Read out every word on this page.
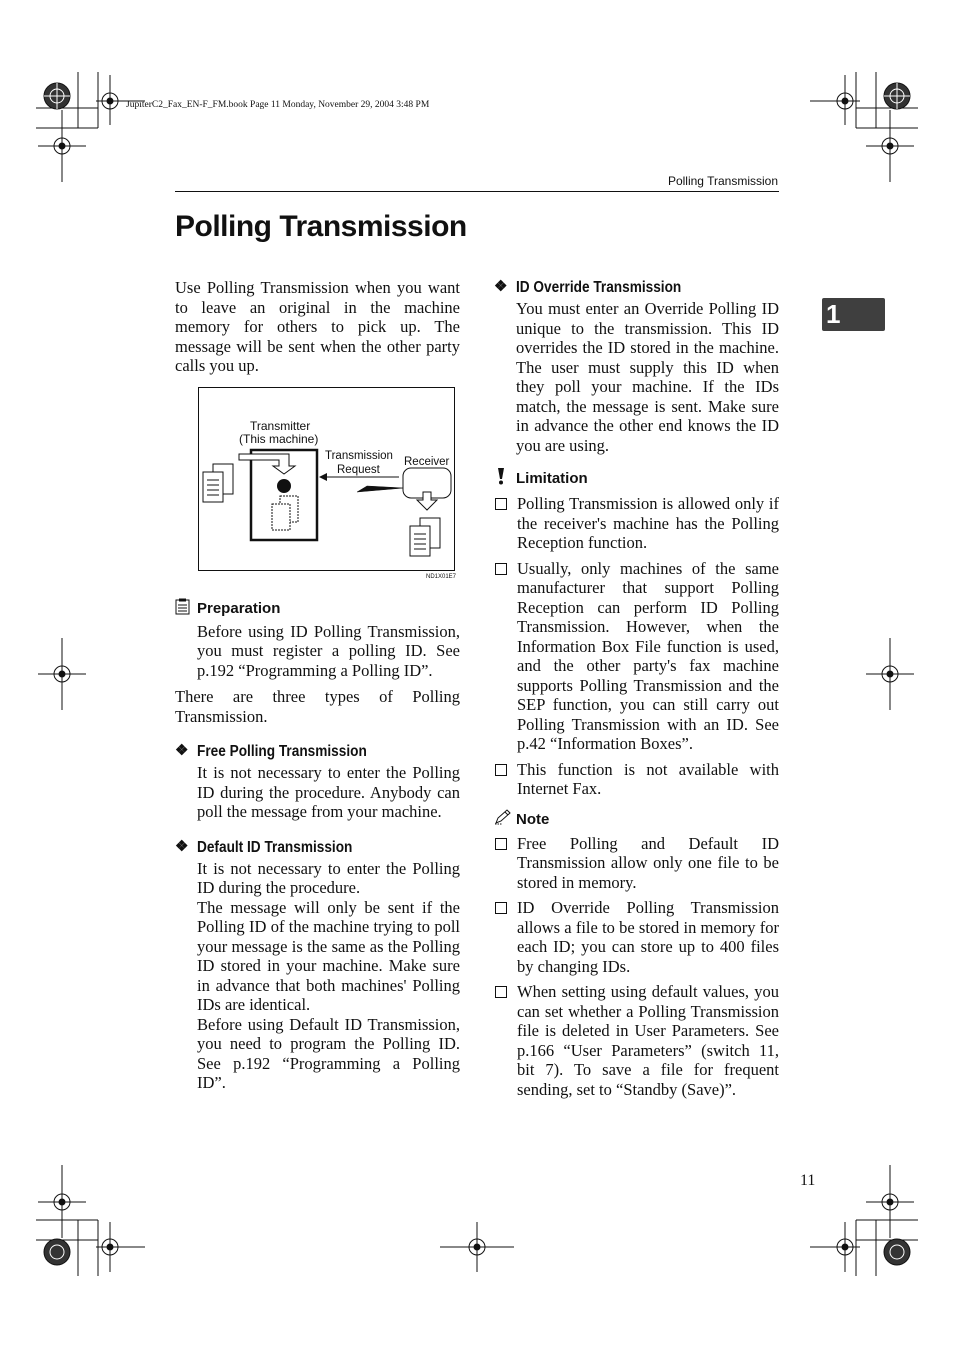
JupiterC2_Fax_EN-F_FM.book Page 11 Monday, November 29, 2004 3:48 PM
Polling Transmission
1
Polling Transmission
Transmitter
(This machine)
Transmission
Request
Receiver
ND1X01E7

Use Polling Transmission when you want to leave an original in the machine memory for others to pick up. The message will be sent when the other party calls you up.

Preparation

Before using ID Polling Transmission, you must register a polling ID. See p.192 “Programming a Polling ID”.

There are three types of Polling Transmission.

❖ Free Polling Transmission

It is not necessary to enter the Polling ID during the procedure. Anybody can poll the message from your machine.

❖ Default ID Transmission

It is not necessary to enter the Polling ID during the procedure.

The message will only be sent if the Polling ID of the machine trying to poll your message is the same as the Polling ID stored in your machine. Make sure in advance that both machines' Polling IDs are identical.

Before using Default ID Transmission, you need to program the Polling ID. See p.192 “Programming a Polling ID”.

❖ ID Override Transmission

You must enter an Override Polling ID unique to the transmission. This ID overrides the ID stored in the machine. The user must supply this ID when they poll your machine. If the IDs match, the message is sent. Make sure in advance the other end knows the ID you are using.

Limitation
Polling Transmission is allowed only if the receiver's machine has the Polling Reception function.
Usually, only machines of the same manufacturer that support Polling Reception can perform ID Polling Transmission. However, when the Information Box File function is used, and the other party's fax machine supports Polling Transmission and the SEP function, you can still carry out Polling Transmission with an ID. See p.42 “Information Boxes”.
This function is not available with Internet Fax.
Note
Free Polling and Default ID Transmission allow only one file to be stored in memory.
ID Override Polling Transmission allows a file to be stored in memory for each ID; you can store up to 400 files by changing IDs.
When setting using default values, you can set whether a Polling Transmission file is deleted in User Parameters. See p.166 “User Parameters” (switch 11, bit 7). To save a file for frequent sending, set to “Standby (Save)”.
11
